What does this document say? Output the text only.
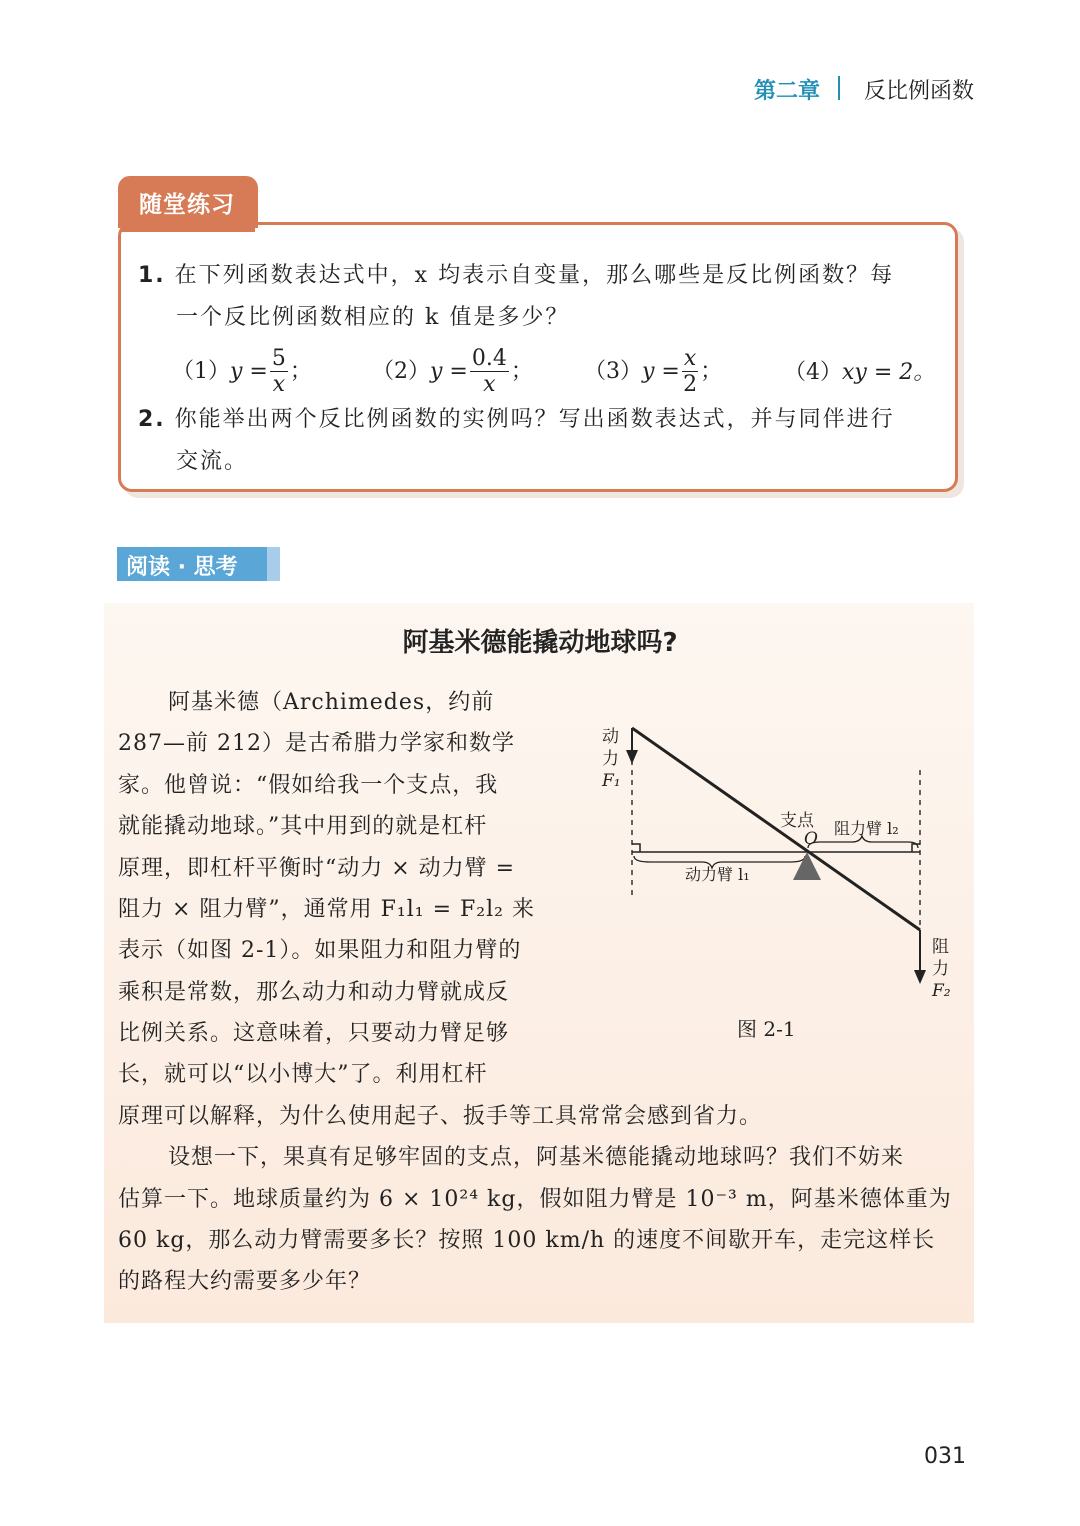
第二章 反比例函数
随堂练习
1. 在下列函数表达式中，x 均表示自变量，那么哪些是反比例函数？每
一个反比例函数相应的 k 值是多少？
$(1)y = \frac{5}{x}$ ；	$(2)y = \frac{0.4}{x}$ ； $(3)y = \frac{x}{2}$ ；	（4）xy = 2。
2. 你能举出两个反比例函数的实例吗？写出函数表达式，并与同伴进行
交流。
阅读 · 思考
阿基米德能撬动地球吗?
阿基米德（Archimedes，约前
287—前 212）是古希腊力学家和数学
家。他曾说：“假如给我一个支点，我
就能撬动地球。”其中用到的就是杠杆
原理，即杠杆平衡时“动力 × 动力臂 =
阻力 × 阻力臂”，通常用 F₁l₁ = F₂l₂ 来
表示（如图 2-1）。如果阻力和阻力臂的
乘积是常数，那么动力和动力臂就成反
比例关系。这意味着，只要动力臂足够
长，就可以“以小博大”了。利用杠杆
原理可以解释，为什么使用起子、扳手等工具常常会感到省力。
设想一下，果真有足够牢固的支点，阿基米德能撬动地球吗？我们不妨来
估算一下。地球质量约为 6 × 10²⁴ kg，假如阻力臂是 10⁻³ m，阿基米德体重为
60 kg，那么动力臂需要多长？按照 100 km/h 的速度不间歇开车，走完这样长
的路程大约需要多少年？
动
力
F₁
支点
O
阻力臂 l₂
动力臂 l₁
阻
力
F₂
图 2-1
031
